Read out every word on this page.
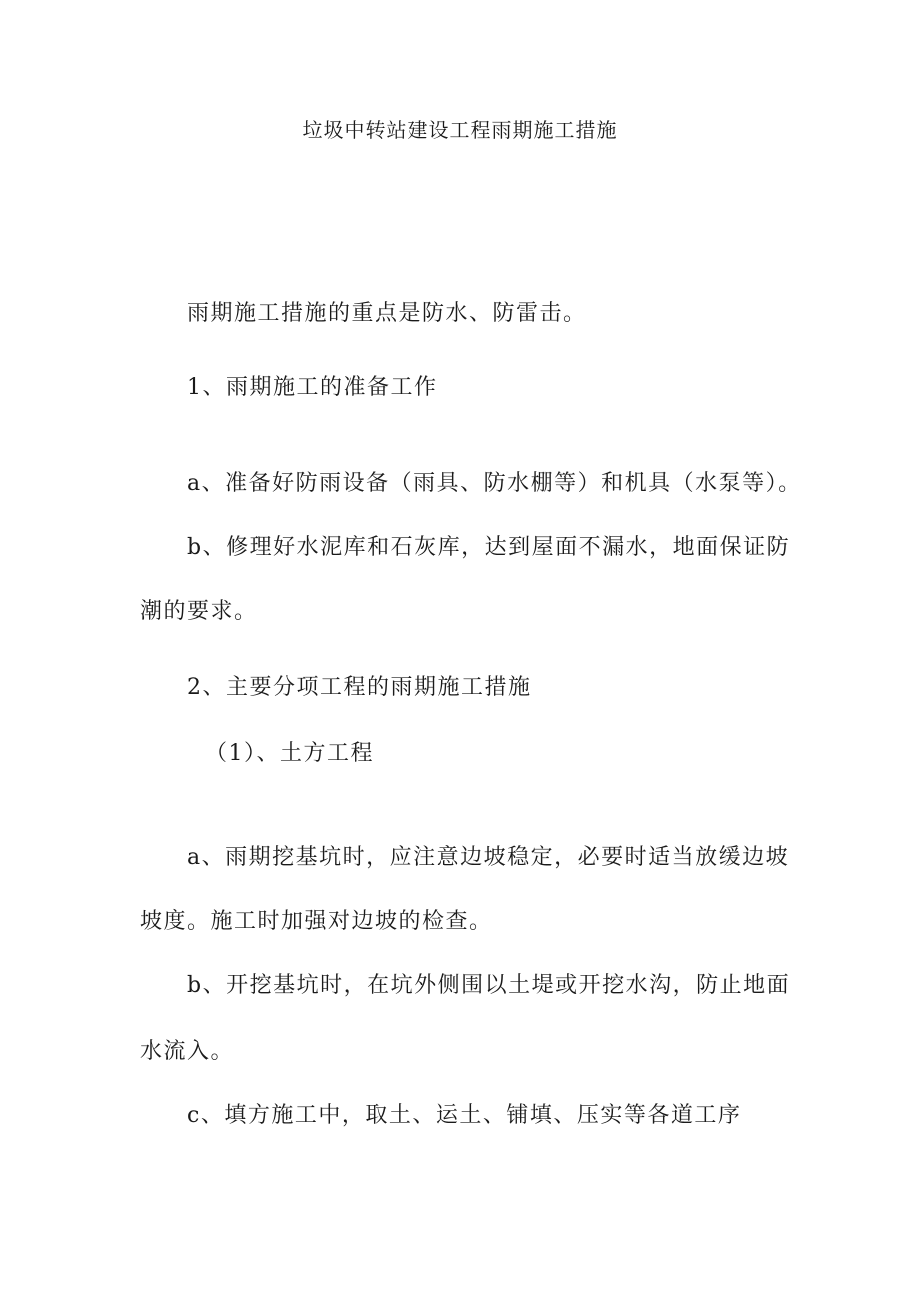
垃圾中转站建设工程雨期施工措施
雨期施工措施的重点是防水、防雷击。
1、雨期施工的准备工作
a、准备好防雨设备（雨具、防水棚等）和机具（水泵等）。
b、修理好水泥库和石灰库，达到屋面不漏水，地面保证防
潮的要求。
2、主要分项工程的雨期施工措施
（1）、土方工程
a、雨期挖基坑时，应注意边坡稳定，必要时适当放缓边坡
坡度。施工时加强对边坡的检查。
b、开挖基坑时，在坑外侧围以土堤或开挖水沟，防止地面
水流入。
c、填方施工中，取土、运土、铺填、压实等各道工序
